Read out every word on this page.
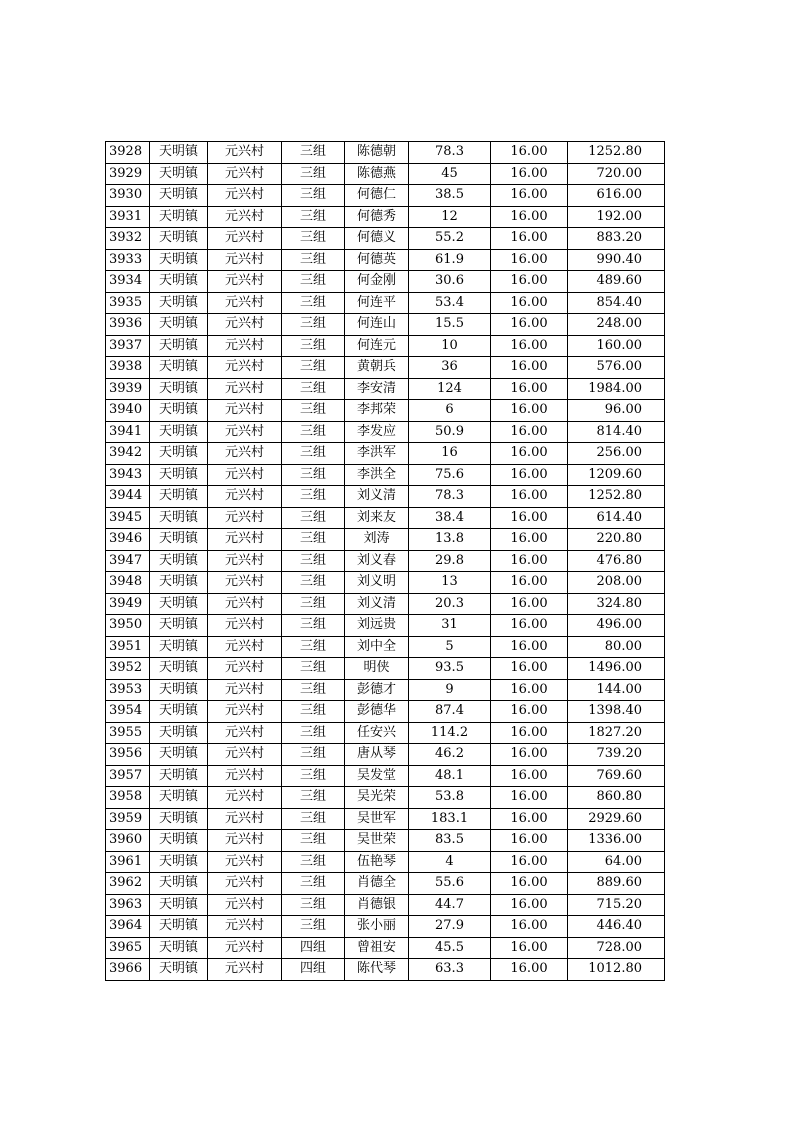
3928	天明镇	元兴村	三组	陈德朝	78.3	16.00	1252.80
3929	天明镇	元兴村	三组	陈德燕	45	16.00	720.00
3930	天明镇	元兴村	三组	何德仁	38.5	16.00	616.00
3931	天明镇	元兴村	三组	何德秀	12	16.00	192.00
3932	天明镇	元兴村	三组	何德义	55.2	16.00	883.20
3933	天明镇	元兴村	三组	何德英	61.9	16.00	990.40
3934	天明镇	元兴村	三组	何金刚	30.6	16.00	489.60
3935	天明镇	元兴村	三组	何连平	53.4	16.00	854.40
3936	天明镇	元兴村	三组	何连山	15.5	16.00	248.00
3937	天明镇	元兴村	三组	何连元	10	16.00	160.00
3938	天明镇	元兴村	三组	黄朝兵	36	16.00	576.00
3939	天明镇	元兴村	三组	李安清	124	16.00	1984.00
3940	天明镇	元兴村	三组	李邦荣	6	16.00	96.00
3941	天明镇	元兴村	三组	李发应	50.9	16.00	814.40
3942	天明镇	元兴村	三组	李洪军	16	16.00	256.00
3943	天明镇	元兴村	三组	李洪全	75.6	16.00	1209.60
3944	天明镇	元兴村	三组	刘义清	78.3	16.00	1252.80
3945	天明镇	元兴村	三组	刘来友	38.4	16.00	614.40
3946	天明镇	元兴村	三组	刘涛	13.8	16.00	220.80
3947	天明镇	元兴村	三组	刘义春	29.8	16.00	476.80
3948	天明镇	元兴村	三组	刘义明	13	16.00	208.00
3949	天明镇	元兴村	三组	刘义清	20.3	16.00	324.80
3950	天明镇	元兴村	三组	刘远贵	31	16.00	496.00
3951	天明镇	元兴村	三组	刘中全	5	16.00	80.00
3952	天明镇	元兴村	三组	明侠	93.5	16.00	1496.00
3953	天明镇	元兴村	三组	彭德才	9	16.00	144.00
3954	天明镇	元兴村	三组	彭德华	87.4	16.00	1398.40
3955	天明镇	元兴村	三组	任安兴	114.2	16.00	1827.20
3956	天明镇	元兴村	三组	唐从琴	46.2	16.00	739.20
3957	天明镇	元兴村	三组	吴发堂	48.1	16.00	769.60
3958	天明镇	元兴村	三组	吴光荣	53.8	16.00	860.80
3959	天明镇	元兴村	三组	吴世军	183.1	16.00	2929.60
3960	天明镇	元兴村	三组	吴世荣	83.5	16.00	1336.00
3961	天明镇	元兴村	三组	伍艳琴	4	16.00	64.00
3962	天明镇	元兴村	三组	肖德全	55.6	16.00	889.60
3963	天明镇	元兴村	三组	肖德银	44.7	16.00	715.20
3964	天明镇	元兴村	三组	张小丽	27.9	16.00	446.40
3965	天明镇	元兴村	四组	曾祖安	45.5	16.00	728.00
3966	天明镇	元兴村	四组	陈代琴	63.3	16.00	1012.80
